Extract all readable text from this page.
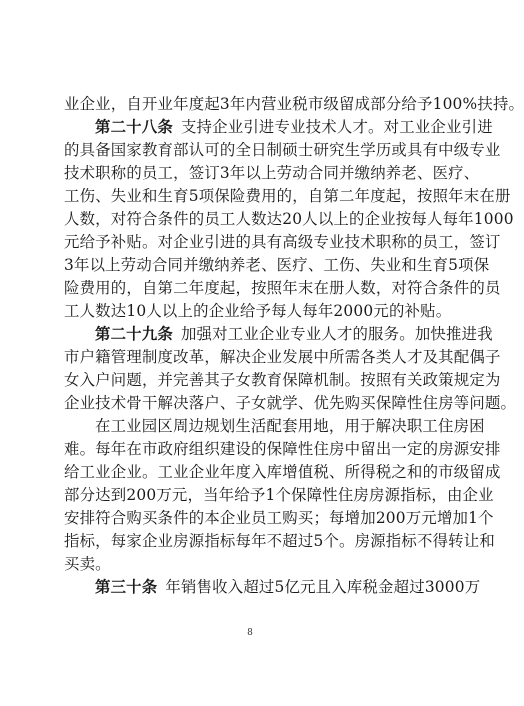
业企业，自开业年度起3年内营业税市级留成部分给予100%扶持。
第二十八条 支持企业引进专业技术人才。对工业企业引进
的具备国家教育部认可的全日制硕士研究生学历或具有中级专业
技术职称的员工，签订3年以上劳动合同并缴纳养老、医疗、
工伤、失业和生育5项保险费用的，自第二年度起，按照年末在册
人数，对符合条件的员工人数达20人以上的企业按每人每年1000
元给予补贴。对企业引进的具有高级专业技术职称的员工，签订
3年以上劳动合同并缴纳养老、医疗、工伤、失业和生育5项保
险费用的，自第二年度起，按照年末在册人数，对符合条件的员
工人数达10人以上的企业给予每人每年2000元的补贴。
第二十九条 加强对工业企业专业人才的服务。加快推进我
市户籍管理制度改革，解决企业发展中所需各类人才及其配偶子
女入户问题，并完善其子女教育保障机制。按照有关政策规定为
企业技术骨干解决落户、子女就学、优先购买保障性住房等问题。
在工业园区周边规划生活配套用地，用于解决职工住房困
难。每年在市政府组织建设的保障性住房中留出一定的房源安排
给工业企业。工业企业年度入库增值税、所得税之和的市级留成
部分达到200万元，当年给予1个保障性住房房源指标，由企业
安排符合购买条件的本企业员工购买；每增加200万元增加1个
指标，每家企业房源指标每年不超过5个。房源指标不得转让和
买卖。
第三十条 年销售收入超过5亿元且入库税金超过3000万
8
